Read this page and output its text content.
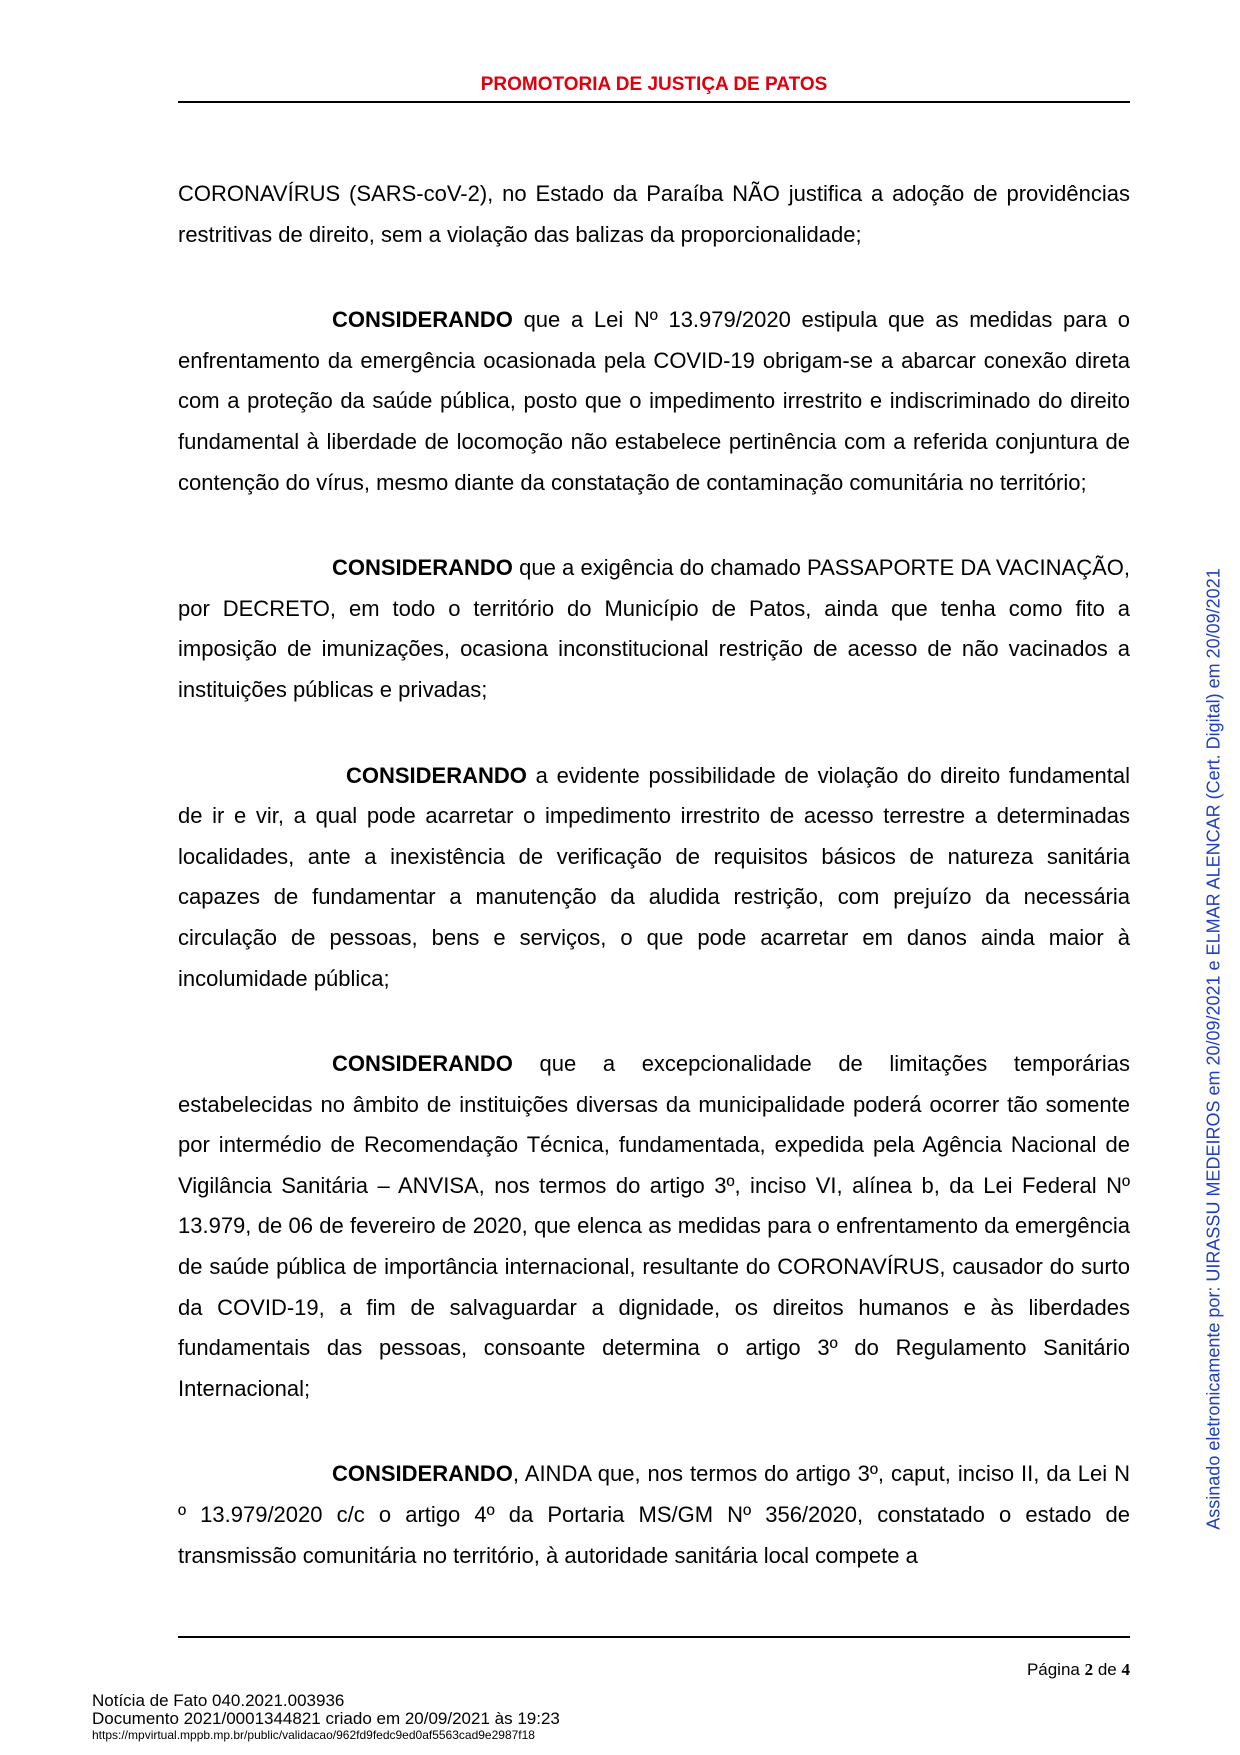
PROMOTORIA DE JUSTIÇA DE PATOS

CORONAVÍRUS (SARS-coV-2), no Estado da Paraíba NÃO justifica a adoção de providências restritivas de direito, sem a violação das balizas da proporcionalidade;

CONSIDERANDO que a Lei Nº 13.979/2020 estipula que as medidas para o enfrentamento da emergência ocasionada pela COVID-19 obrigam-se a abarcar conexão direta com a proteção da saúde pública, posto que o impedimento irrestrito e indiscriminado do direito fundamental à liberdade de locomoção não estabelece pertinência com a referida conjuntura de contenção do vírus, mesmo diante da constatação de contaminação comunitária no território;

CONSIDERANDO que a exigência do chamado PASSAPORTE DA VACINAÇÃO, por DECRETO, em todo o território do Município de Patos, ainda que tenha como fito a imposição de imunizações, ocasiona inconstitucional restrição de acesso de não vacinados a instituições públicas e privadas;

CONSIDERANDO a evidente possibilidade de violação do direito fundamental de ir e vir, a qual pode acarretar o impedimento irrestrito de acesso terrestre a determinadas localidades, ante a inexistência de verificação de requisitos básicos de natureza sanitária capazes de fundamentar a manutenção da aludida restrição, com prejuízo da necessária circulação de pessoas, bens e serviços, o que pode acarretar em danos ainda maior à incolumidade pública;

CONSIDERANDO que a excepcionalidade de limitações temporárias estabelecidas no âmbito de instituições diversas da municipalidade poderá ocorrer tão somente por intermédio de Recomendação Técnica, fundamentada, expedida pela Agência Nacional de Vigilância Sanitária – ANVISA, nos termos do artigo 3º, inciso VI, alínea b, da Lei Federal Nº 13.979, de 06 de fevereiro de 2020, que elenca as medidas para o enfrentamento da emergência de saúde pública de importância internacional, resultante do CORONAVÍRUS, causador do surto da COVID-19, a fim de salvaguardar a dignidade, os direitos humanos e às liberdades fundamentais das pessoas, consoante determina o artigo 3º do Regulamento Sanitário Internacional;

CONSIDERANDO, AINDA que, nos termos do artigo 3º, caput, inciso II, da Lei N º 13.979/2020 c/c o artigo 4º da Portaria MS/GM Nº 356/2020, constatado o estado de transmissão comunitária no território, à autoridade sanitária local compete a

Página 2 de 4
Notícia de Fato 040.2021.003936
Documento 2021/0001344821 criado em 20/09/2021 às 19:23
https://mpvirtual.mppb.mp.br/public/validacao/962fd9fedc9ed0af5563cad9e2987f18
Assinado eletronicamente por: UIRASSU MEDEIROS em 20/09/2021 e ELMAR ALENCAR (Cert. Digital) em 20/09/2021
